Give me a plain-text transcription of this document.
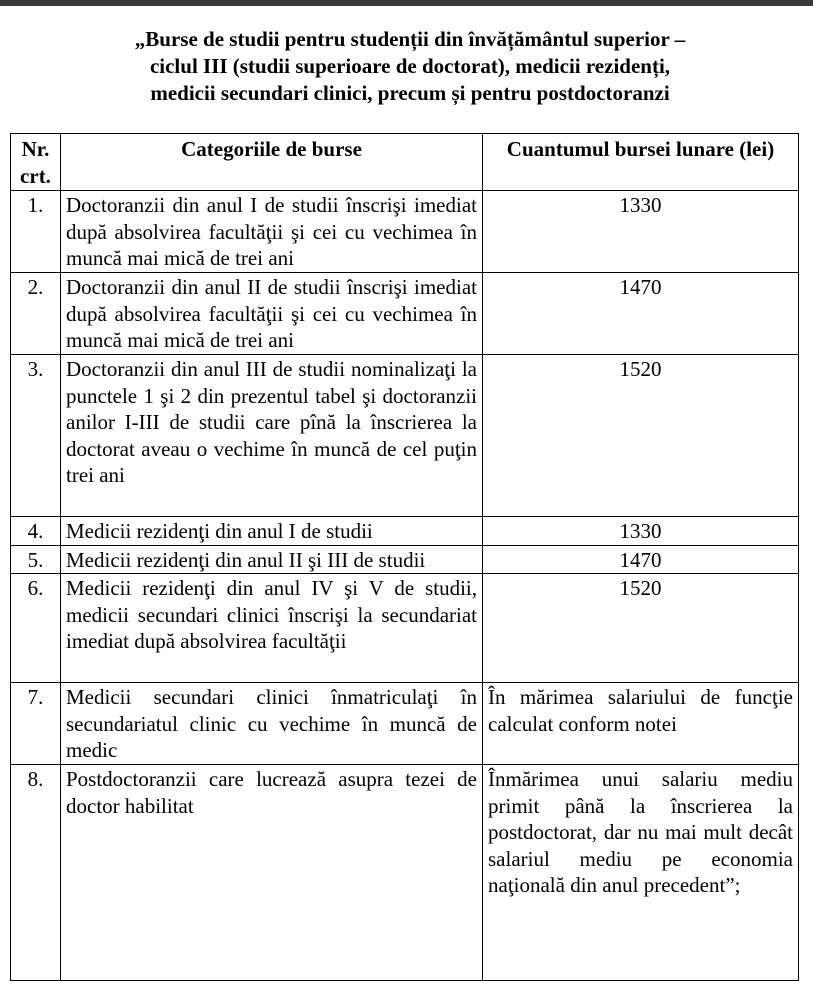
„Burse de studii pentru studenții din învățământul superior –
ciclul III (studii superioare de doctorat), medicii rezidenți,
medicii secundari clinici, precum și pentru postdoctoranzi
Nr. crt.	Categoriile de burse	Cuantumul bursei lunare (lei)
1.	Doctoranzii din anul I de studii înscrişi imediat după absolvirea facultăţii şi cei cu vechimea în muncă mai mică de trei ani	1330
2.	Doctoranzii din anul II de studii înscrişi imediat după absolvirea facultăţii şi cei cu vechimea în muncă mai mică de trei ani	1470
3.	Doctoranzii din anul III de studii nominalizaţi la punctele 1 şi 2 din prezentul tabel şi doctoranzii anilor I-III de studii care pînă la înscrierea la doctorat aveau o vechime în muncă de cel puţin trei ani	1520
4.	Medicii rezidenţi din anul I de studii	1330
5.	Medicii rezidenţi din anul II şi III de studii	1470
6.	Medicii rezidenţi din anul IV şi V de studii, medicii secundari clinici înscrişi la secundariat imediat după absolvirea facultăţii	1520
7.	Medicii secundari clinici înmatriculaţi în secundariatul clinic cu vechime în muncă de medic	În mărimea salariului de funcţie calculat conform notei
8.	Postdoctoranzii care lucrează asupra tezei de doctor habilitat	Înmărimea unui salariu mediu primit până la înscrierea la postdoctorat, dar nu mai mult decât salariul mediu pe economia naţională din anul precedent”;
